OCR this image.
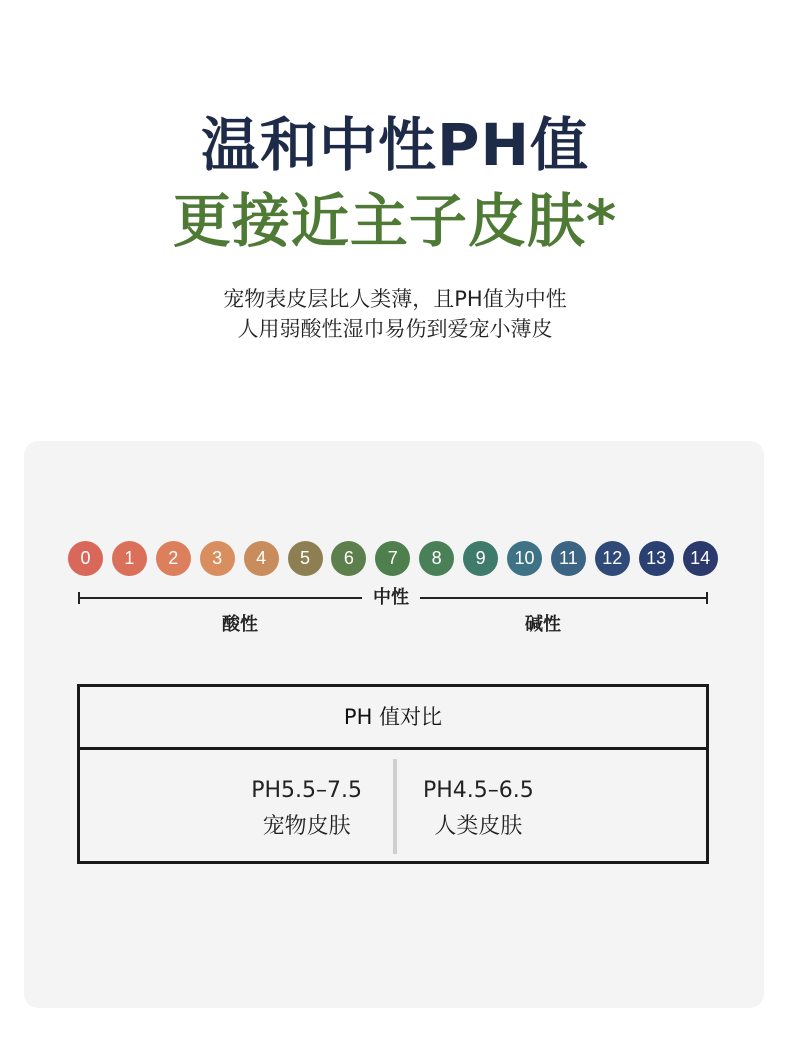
温和中性PH值
更接近主子皮肤*
宠物表皮层比人类薄，且PH值为中性
人用弱酸性湿巾易伤到爱宠小薄皮
0	1	2	3	4	5	6	7	8	9	10	11	12	13	14
中性
酸性	碱性
PH 值对比
PH5.5–7.5
宠物皮肤
PH4.5–6.5
人类皮肤
